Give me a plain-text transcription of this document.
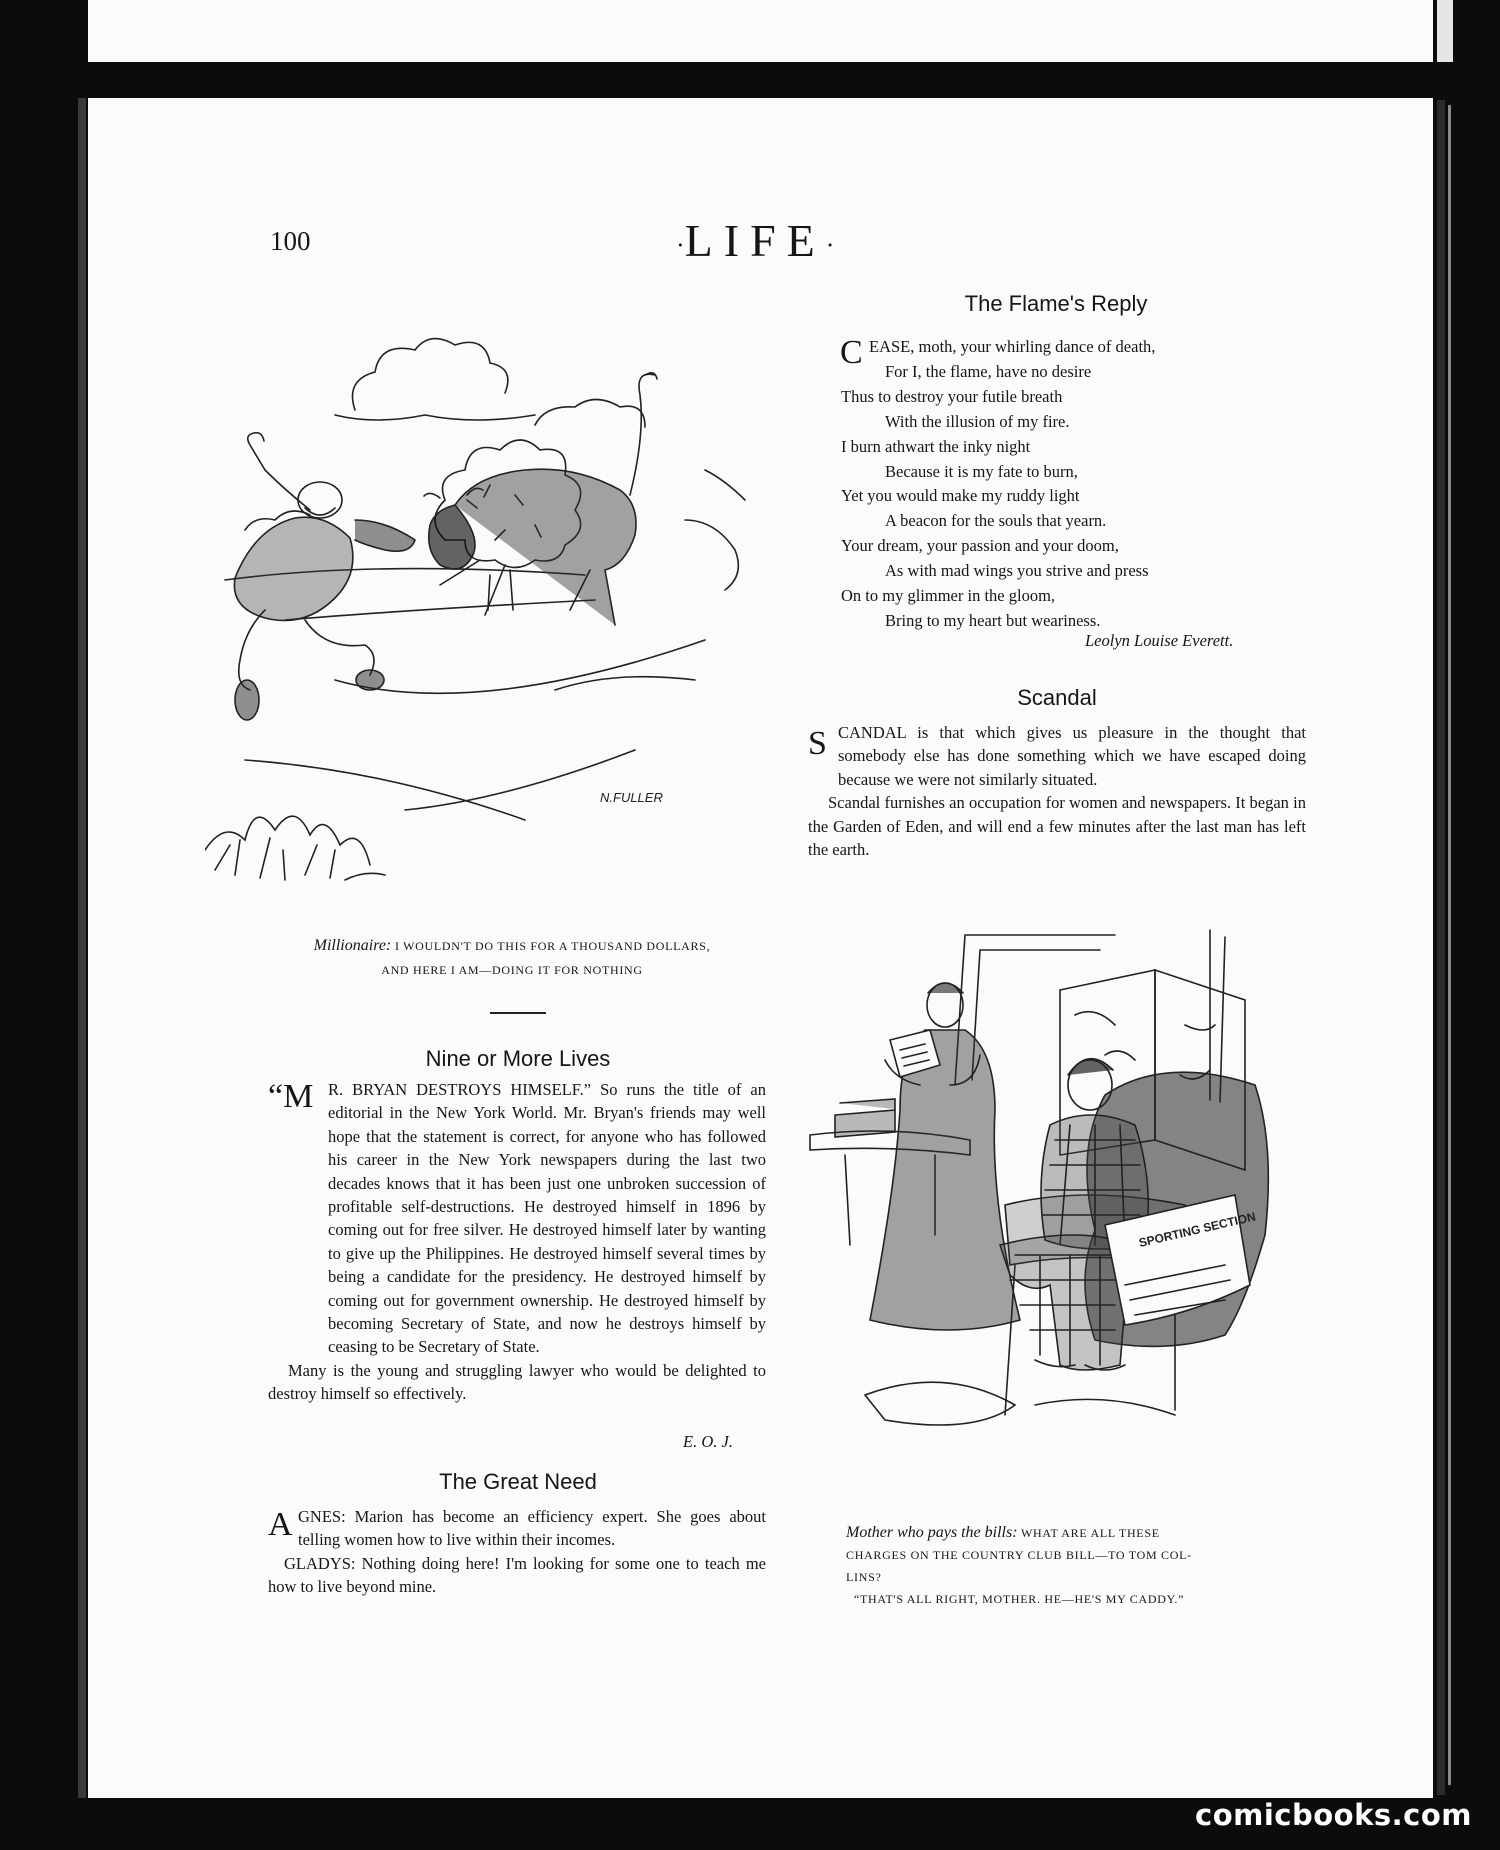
100	·LIFE·
N.FULLER
Millionaire: I WOULDN'T DO THIS FOR A THOUSAND DOLLARS,
AND HERE I AM—DOING IT FOR NOTHING
The Flame's Reply
C EASE, moth, your whirling dance of death,
For I, the flame, have no desire
Thus to destroy your futile breath
With the illusion of my fire.
I burn athwart the inky night
Because it is my fate to burn,
Yet you would make my ruddy light
A beacon for the souls that yearn.
Your dream, your passion and your doom,
As with mad wings you strive and press
On to my glimmer in the gloom,
Bring to my heart but weariness.
Leolyn Louise Everett.
Scandal
S CANDAL is that which gives us pleasure in the thought that somebody else has done something which we have escaped doing because we were not similarly situated.

Scandal furnishes an occupation for women and newspapers. It began in the Garden of Eden, and will end a few minutes after the last man has left the earth.

Nine or More Lives
“M R. BRYAN DESTROYS HIMSELF.” So runs the title of an editorial in the New York World. Mr. Bryan's friends may well hope that the statement is correct, for anyone who has followed his career in the New York newspapers during the last two decades knows that it has been just one unbroken succession of profitable self-destructions. He destroyed himself in 1896 by coming out for free silver. He destroyed himself later by wanting to give up the Philippines. He destroyed himself several times by being a candidate for the presidency. He destroyed himself by coming out for government ownership. He destroyed himself by becoming Secretary of State, and now he destroys himself by ceasing to be Secretary of State.

Many is the young and struggling lawyer who would be delighted to destroy himself so effectively.

E. O. J.
The Great Need
A GNES: Marion has become an efficiency expert. She goes about telling women how to live within their incomes.

GLADYS: Nothing doing here! I'm looking for some one to teach me how to live beyond mine.

SPORTING SECTION
Mother who pays the bills: WHAT ARE ALL THESE
CHARGES ON THE COUNTRY CLUB BILL—TO TOM COL-
LINS?
“THAT'S ALL RIGHT, MOTHER. HE—HE'S MY CADDY.”
comicbooks.com
